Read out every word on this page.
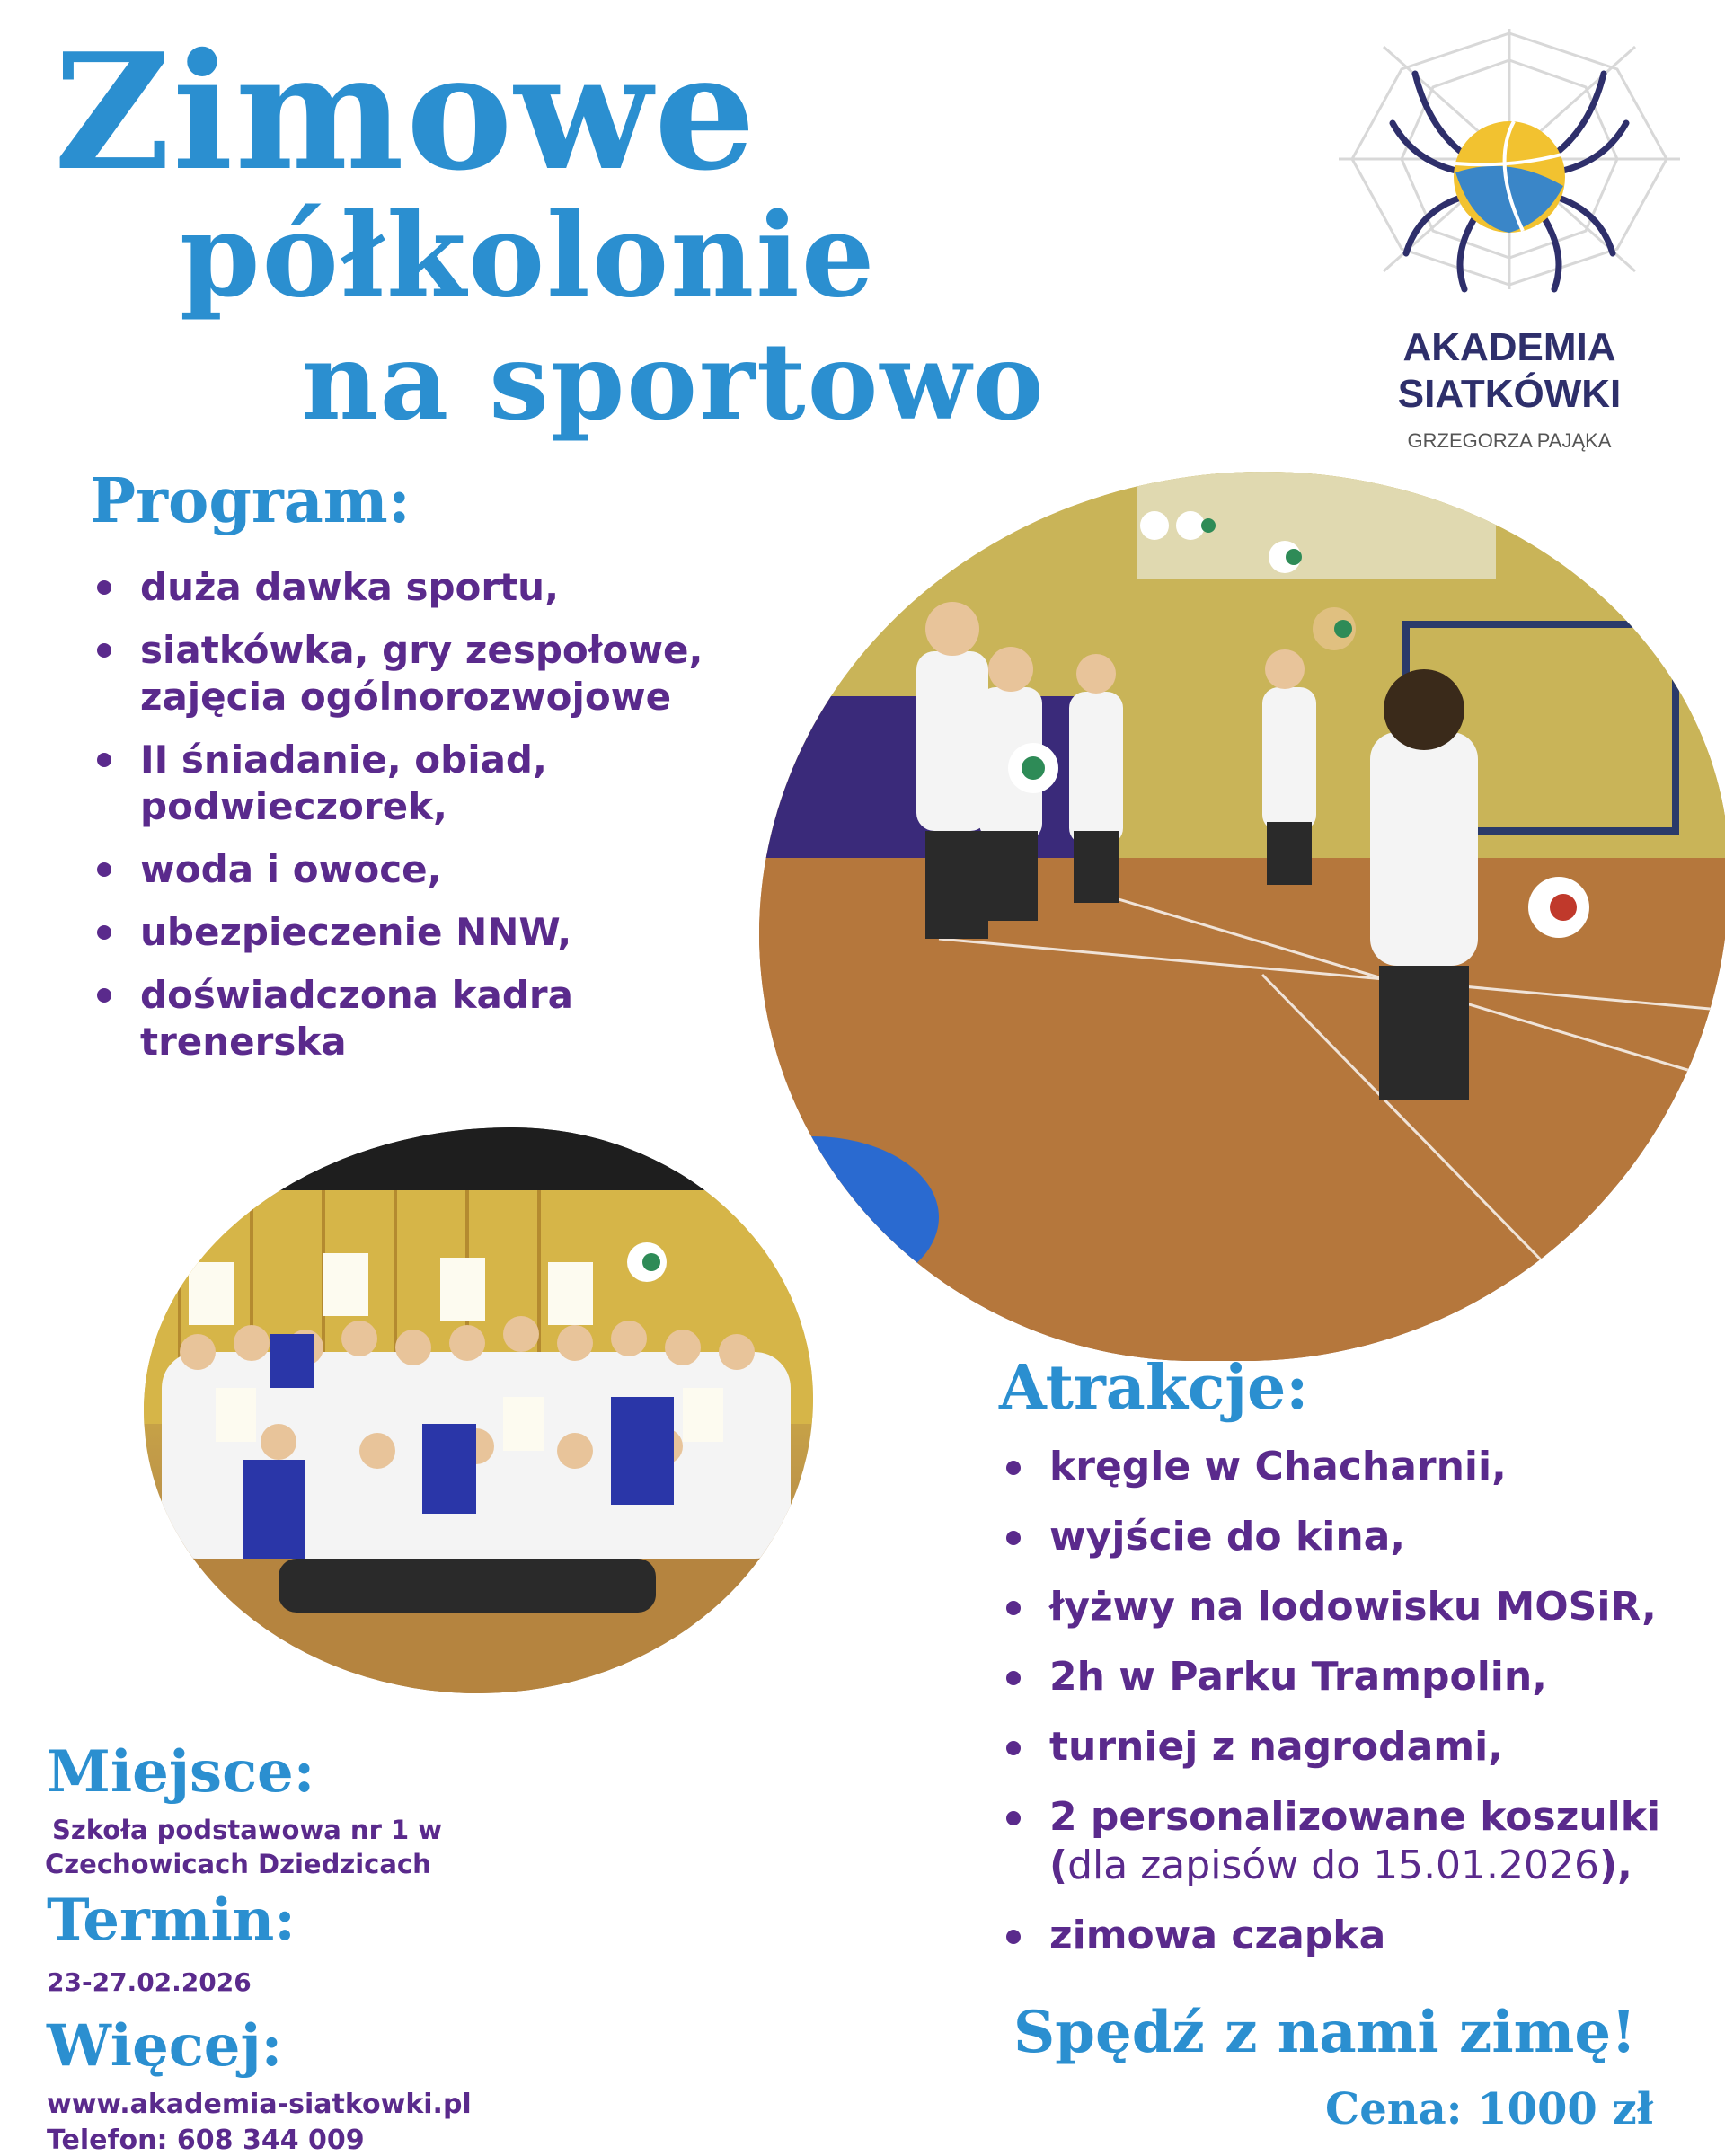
Zimowe
półkolonie
na sportowo	AKADEMIA
SIATKÓWKI
GRZEGORZA PAJĄKA
Program:
duża dawka sportu,
siatkówka, gry zespołowe,
zajęcia ogólnorozwojowe
II śniadanie, obiad,
podwieczorek,
woda i owoce,
ubezpieczenie NNW,
doświadczona kadra
trenerska
Atrakcje:
kręgle w Chacharnii,
wyjście do kina,
łyżwy na lodowisku MOSiR,
2h w Parku Trampolin,
turniej z nagrodami,
2 personalizowane koszulki
(dla zapisów do 15.01.2026),
zimowa czapka
Miejsce:
Szkoła podstawowa nr 1 w
Czechowicach Dziedzicach
Termin:
23-27.02.2026
Więcej:
www.akademia-siatkowki.pl
Telefon: 608 344 009
Spędź z nami zimę!
Cena: 1000 zł
